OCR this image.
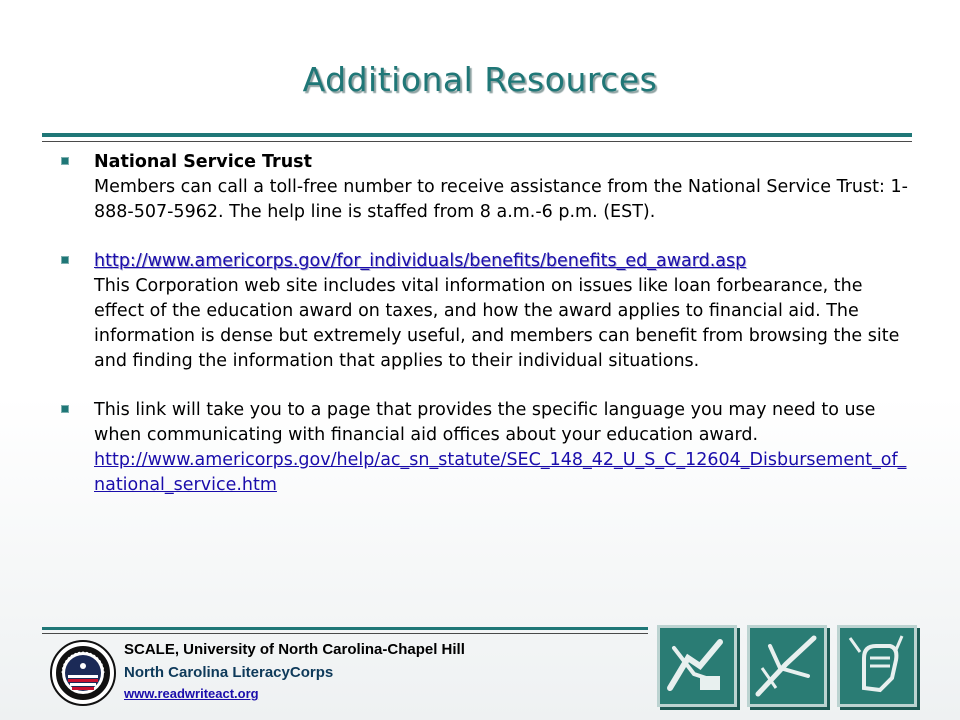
Additional Resources
National Service Trust
Members can call a toll-free number to receive assistance from the National Service Trust: 1-888-507-5962. The help line is staffed from 8 a.m.-6 p.m. (EST).
http://www.americorps.gov/for_individuals/benefits/benefits_ed_award.asp
This Corporation web site includes vital information on issues like loan forbearance, the effect of the education award on taxes, and how the award applies to financial aid. The information is dense but extremely useful, and members can benefit from browsing the site and finding the information that applies to their individual situations.
This link will take you to a page that provides the specific language you may need to use when communicating with financial aid offices about your education award.
http://www.americorps.gov/help/ac_sn_statute/SEC_148_42_U_S_C_12604_Disbursement_of_national_service.htm
SCALE, University of North Carolina-Chapel Hill
North Carolina LiteracyCorps
www.readwriteact.org
